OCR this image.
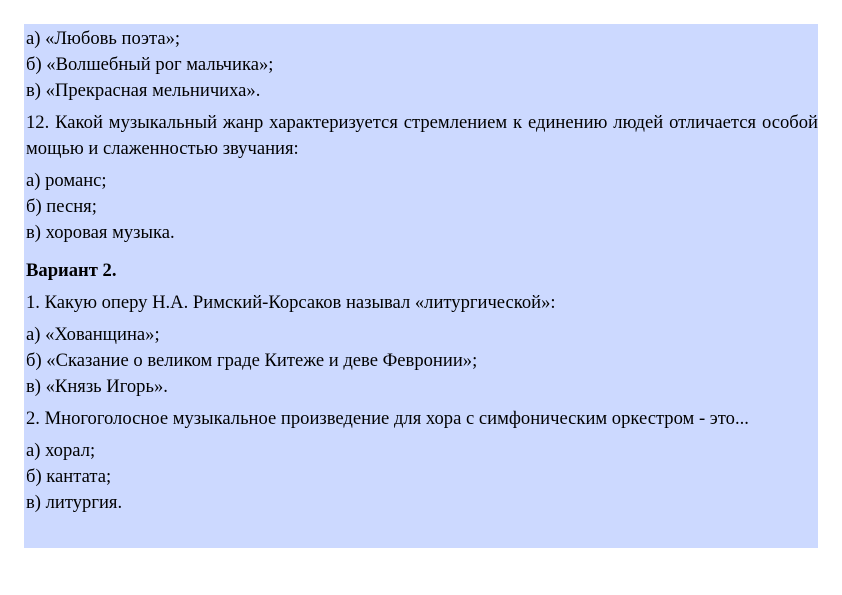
а) «Любовь поэта»;
б) «Волшебный рог мальчика»;
в) «Прекрасная мельничиха».
12. Какой музыкальный жанр характеризуется стремлением к единению людей отличается особой мощью и слаженностью звучания:
а) романс;
б) песня;
в) хоровая музыка.
Вариант 2.
1. Какую оперу Н.А. Римский-Корсаков называл «литургической»:
а) «Хованщина»;
б) «Сказание о великом граде Китеже и деве Февронии»;
в) «Князь Игорь».
2. Многоголосное музыкальное произведение для хора с симфоническим оркестром - это...
а) хорал;
б) кантата;
в) литургия.
